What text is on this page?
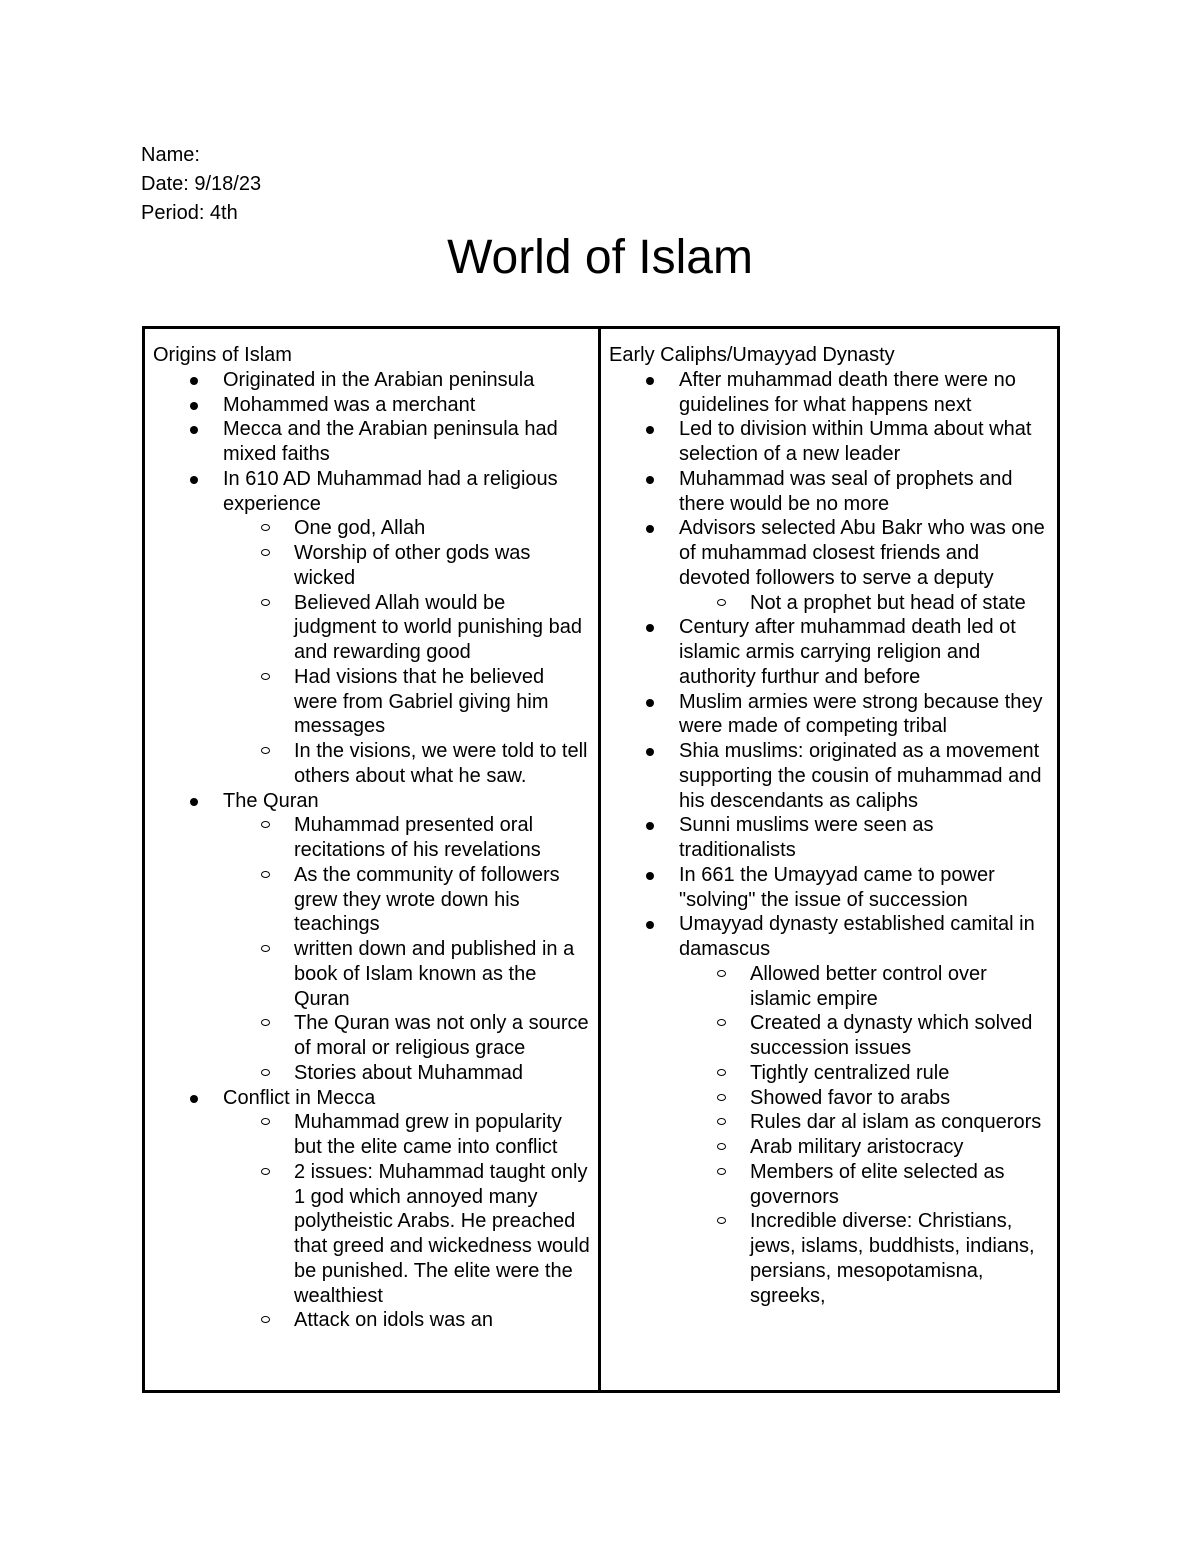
Name:
Date: 9/18/23
Period: 4th
World of Islam
Origins of Islam
Originated in the Arabian peninsula
Mohammed was a merchant
Mecca and the Arabian peninsula had mixed faiths
In 610 AD Muhammad had a religious experience
One god, Allah
Worship of other gods was wicked
Believed Allah would be judgment to world punishing bad and rewarding good
Had visions that he believed were from Gabriel giving him messages
In the visions, we were told to tell others about what he saw.
The Quran
Muhammad presented oral recitations of his revelations
As the community of followers grew they wrote down his teachings
written down and published in a book of Islam known as the Quran
The Quran was not only a source of moral or religious grace
Stories about Muhammad
Conflict in Mecca
Muhammad grew in popularity but the elite came into conflict
2 issues: Muhammad taught only 1 god which annoyed many polytheistic Arabs. He preached that greed and wickedness would be punished. The elite were the wealthiest
Attack on idols was an
Early Caliphs/Umayyad Dynasty
After muhammad death there were no guidelines for what happens next
Led to division within Umma about what selection of a new leader
Muhammad was seal of prophets and there would be no more
Advisors selected Abu Bakr who was one of muhammad closest friends and devoted followers to serve a deputy
Not a prophet but head of state
Century after muhammad death led ot islamic armis carrying religion and authority furthur and before
Muslim armies were strong because they were made of competing tribal
Shia muslims: originated as a movement supporting the cousin of muhammad and his descendants as caliphs
Sunni muslims were seen as traditionalists
In 661 the Umayyad came to power "solving" the issue of succession
Umayyad dynasty established camital in damascus
Allowed better control over islamic empire
Created a dynasty which solved succession issues
Tightly centralized rule
Showed favor to arabs
Rules dar al islam as conquerors
Arab military aristocracy
Members of elite selected as governors
Incredible diverse: Christians, jews, islams, buddhists, indians, persians, mesopotamisna, sgreeks,
